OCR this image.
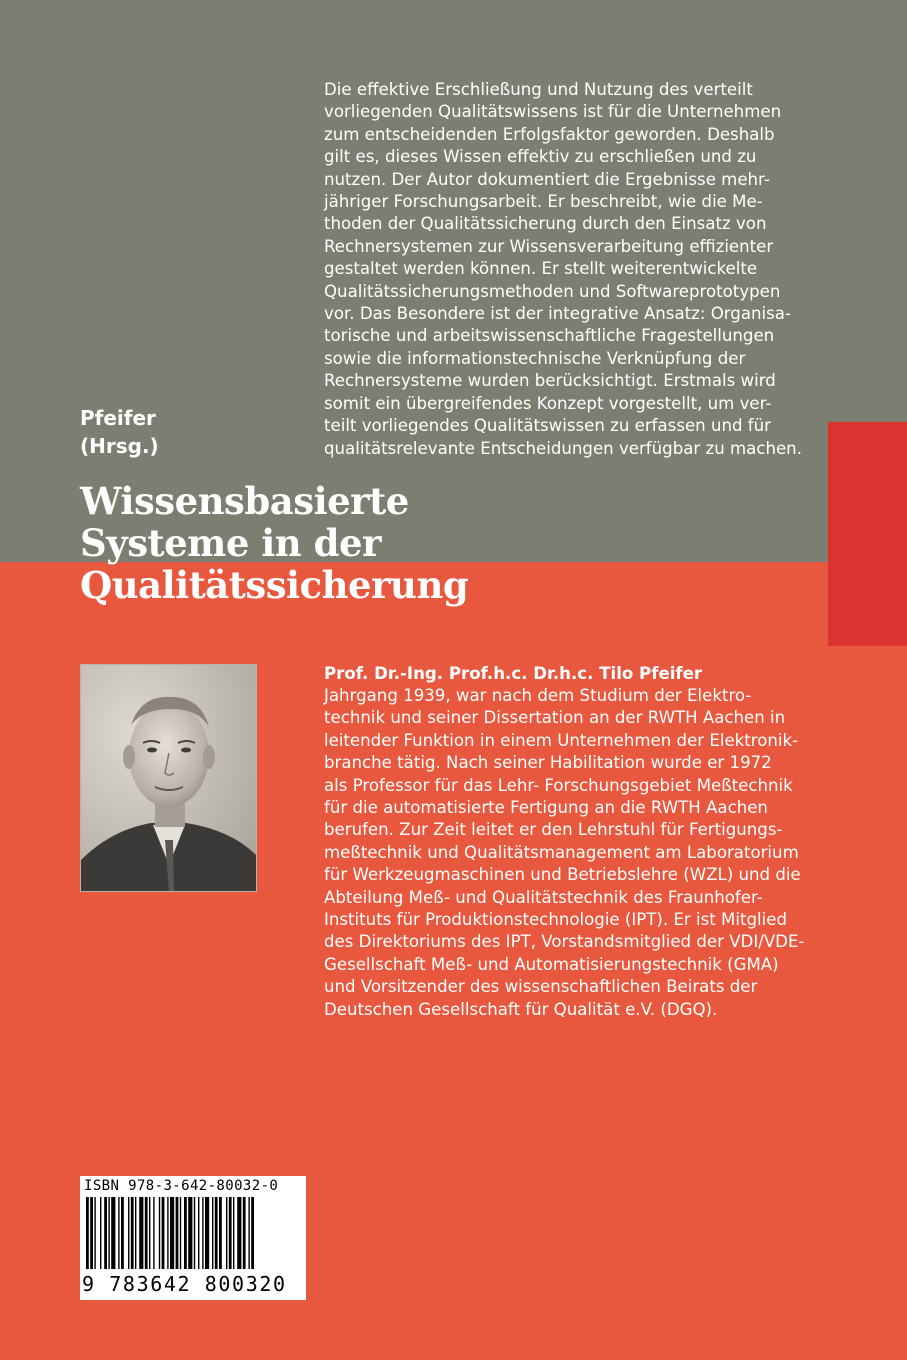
Die effektive Erschließung und Nutzung des verteilt
vorliegenden Qualitätswissens ist für die Unternehmen
zum entscheidenden Erfolgsfaktor geworden. Deshalb
gilt es, dieses Wissen effektiv zu erschließen und zu
nutzen. Der Autor dokumentiert die Ergebnisse mehr-
jähriger Forschungsarbeit. Er beschreibt, wie die Me-
thoden der Qualitätssicherung durch den Einsatz von
Rechnersystemen zur Wissensverarbeitung effizienter
gestaltet werden können. Er stellt weiterentwickelte
Qualitätssicherungsmethoden und Softwareprototypen
vor. Das Besondere ist der integrative Ansatz: Organisa-
torische und arbeitswissenschaftliche Fragestellungen
sowie die informationstechnische Verknüpfung der
Rechnersysteme wurden berücksichtigt. Erstmals wird
somit ein übergreifendes Konzept vorgestellt, um ver-
teilt vorliegendes Qualitätswissen zu erfassen und für
qualitätsrelevante Entscheidungen verfügbar zu machen.
Pfeifer
(Hrsg.)
Wissensbasierte
Systeme in der
Qualitätssicherung
Prof. Dr.-Ing. Prof.h.c. Dr.h.c. Tilo Pfeifer
Jahrgang 1939, war nach dem Studium der Elektro-
technik und seiner Dissertation an der RWTH Aachen in
leitender Funktion in einem Unternehmen der Elektronik-
branche tätig. Nach seiner Habilitation wurde er 1972
als Professor für das Lehr- Forschungsgebiet Meßtechnik
für die automatisierte Fertigung an die RWTH Aachen
berufen. Zur Zeit leitet er den Lehrstuhl für Fertigungs-
meßtechnik und Qualitätsmanagement am Laboratorium
für Werkzeugmaschinen und Betriebslehre (WZL) und die
Abteilung Meß- und Qualitätstechnik des Fraunhofer-
Instituts für Produktionstechnologie (IPT). Er ist Mitglied
des Direktoriums des IPT, Vorstandsmitglied der VDI/VDE-
Gesellschaft Meß- und Automatisierungstechnik (GMA)
und Vorsitzender des wissenschaftlichen Beirats der
Deutschen Gesellschaft für Qualität e.V. (DGQ).
ISBN 978-3-642-80032-0
9 783642 800320
